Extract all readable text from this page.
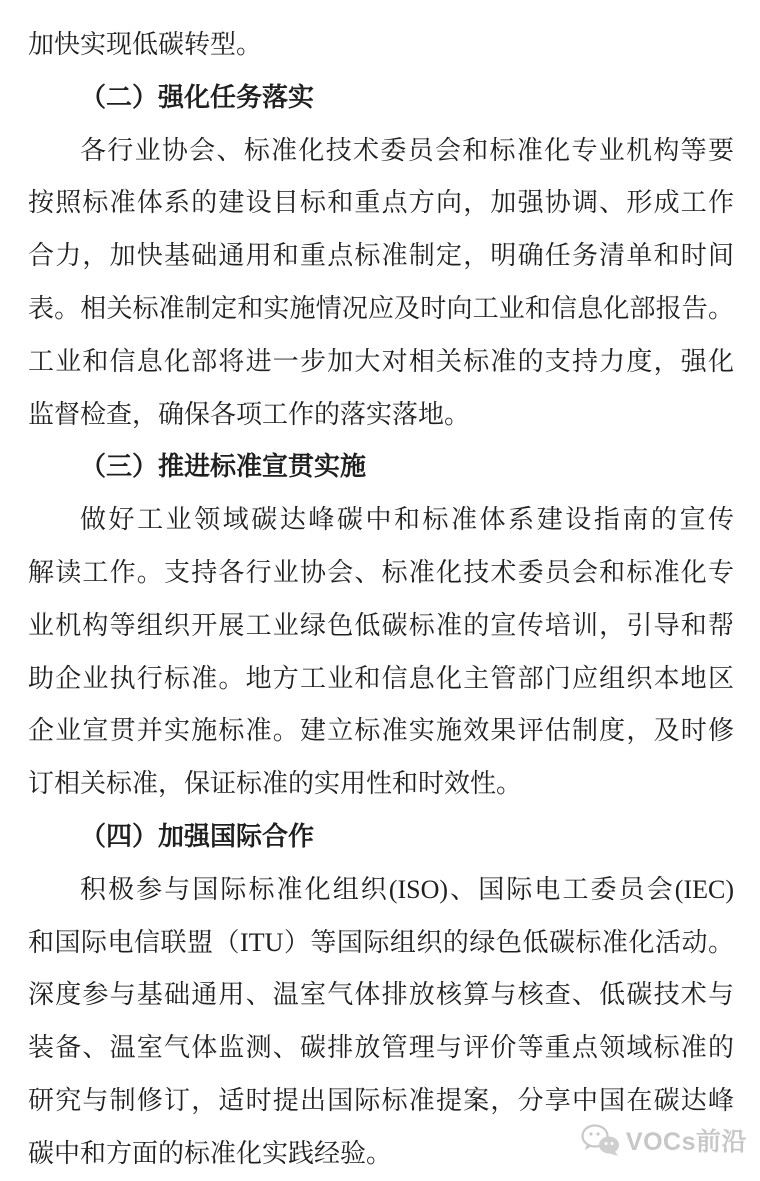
加快实现低碳转型。
（二）强化任务落实
各行业协会、标准化技术委员会和标准化专业机构等要
按照标准体系的建设目标和重点方向，加强协调、形成工作
合力，加快基础通用和重点标准制定，明确任务清单和时间
表。相关标准制定和实施情况应及时向工业和信息化部报告。
工业和信息化部将进一步加大对相关标准的支持力度，强化
监督检查，确保各项工作的落实落地。
（三）推进标准宣贯实施
做好工业领域碳达峰碳中和标准体系建设指南的宣传
解读工作。支持各行业协会、标准化技术委员会和标准化专
业机构等组织开展工业绿色低碳标准的宣传培训，引导和帮
助企业执行标准。地方工业和信息化主管部门应组织本地区
企业宣贯并实施标准。建立标准实施效果评估制度，及时修
订相关标准，保证标准的实用性和时效性。
（四）加强国际合作
积极参与国际标准化组织(ISO)、国际电工委员会(IEC)
和国际电信联盟（ITU）等国际组织的绿色低碳标准化活动。
深度参与基础通用、温室气体排放核算与核查、低碳技术与
装备、温室气体监测、碳排放管理与评价等重点领域标准的
研究与制修订，适时提出国际标准提案，分享中国在碳达峰
碳中和方面的标准化实践经验。	VOCs前沿
